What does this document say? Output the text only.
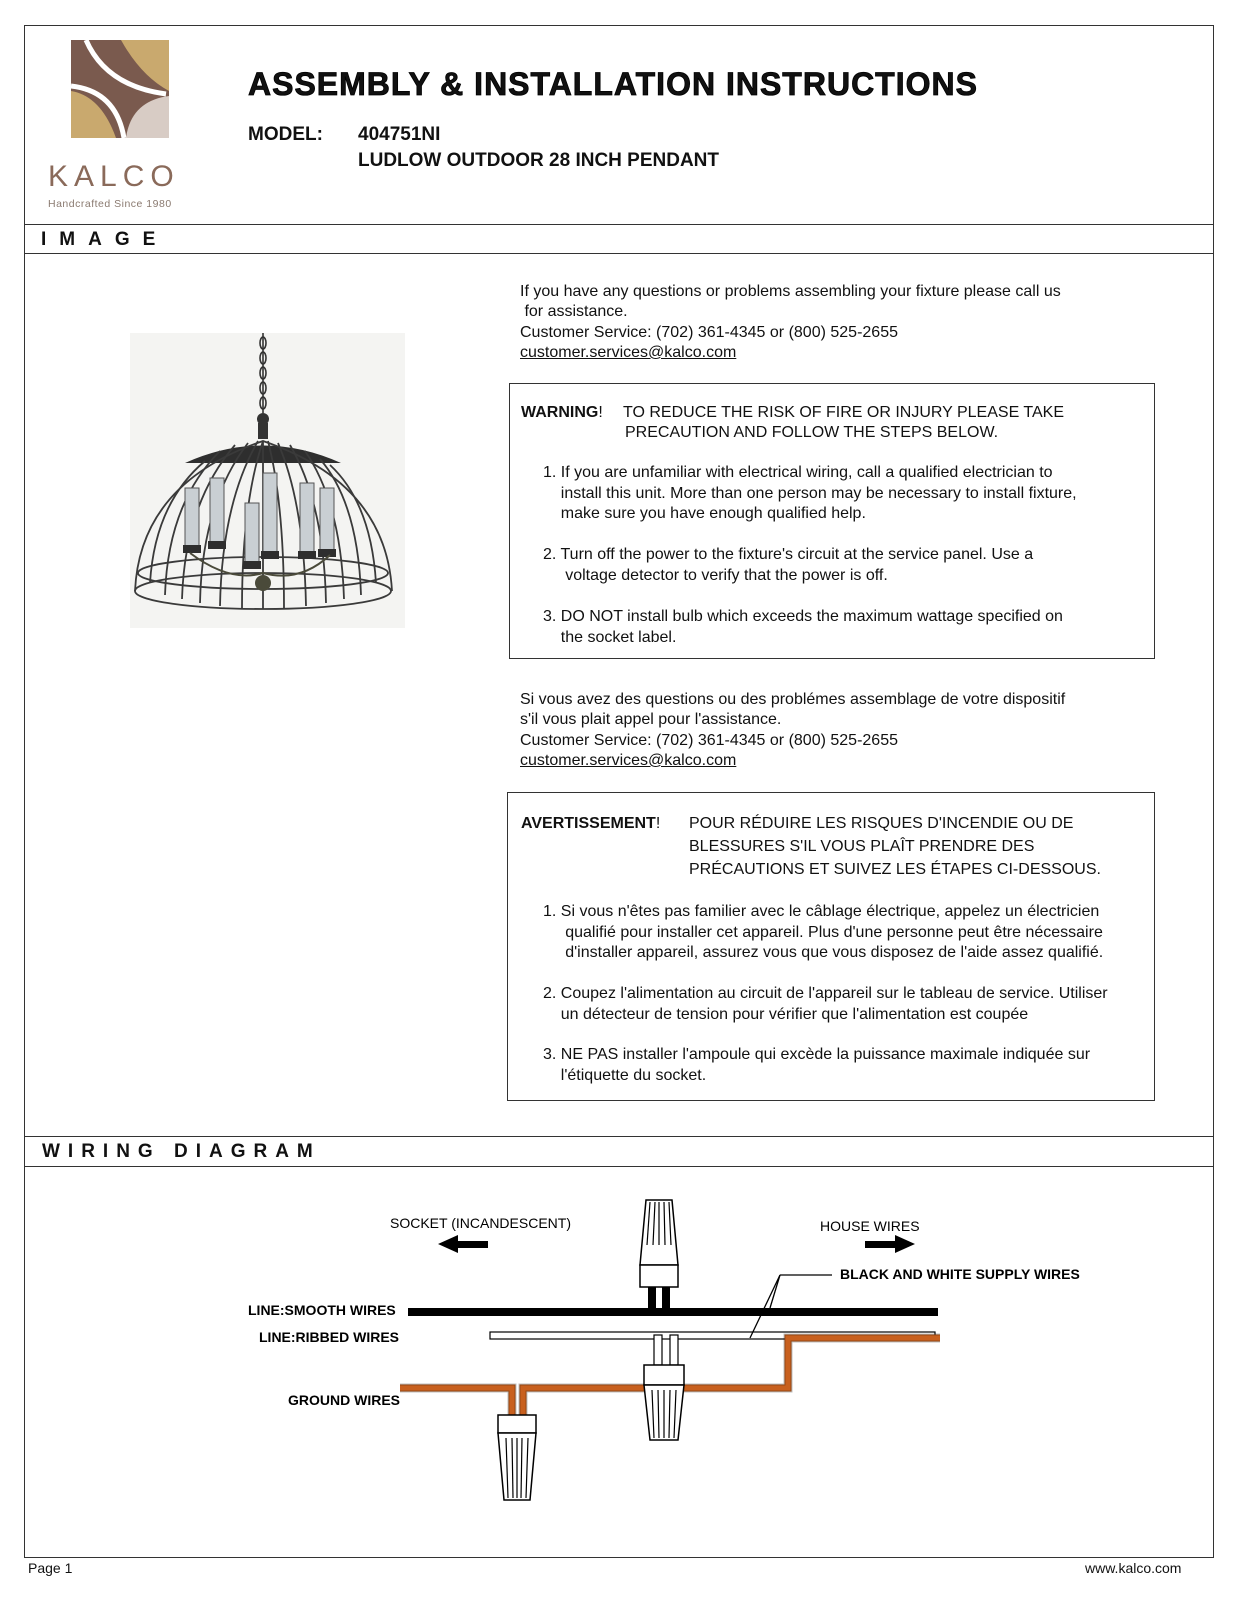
KALCO
Handcrafted Since 1980
ASSEMBLY & INSTALLATION INSTRUCTIONS
MODEL: 404751NI
LUDLOW OUTDOOR 28 INCH PENDANT
IMAGE
WIRING DIAGRAM
If you have any questions or problems assembling your fixture please call us
for assistance.
Customer Service: (702) 361-4345 or (800) 525-2655
customer.services@kalco.com
WARNING! TO REDUCE THE RISK OF FIRE OR INJURY PLEASE TAKE
PRECAUTION AND FOLLOW THE STEPS BELOW.
1. If you are unfamiliar with electrical wiring, call a qualified electrician to
install this unit. More than one person may be necessary to install fixture,
make sure you have enough qualified help.
2. Turn off the power to the fixture's circuit at the service panel. Use a
voltage detector to verify that the power is off.
3. DO NOT install bulb which exceeds the maximum wattage specified on
the socket label.
Si vous avez des questions ou des problémes assemblage de votre dispositif
s'il vous plait appel pour l'assistance.
Customer Service: (702) 361-4345 or (800) 525-2655
customer.services@kalco.com
AVERTISSEMENT! POUR RÉDUIRE LES RISQUES D'INCENDIE OU DE
BLESSURES S'IL VOUS PLAÎT PRENDRE DES
PRÉCAUTIONS ET SUIVEZ LES ÉTAPES CI-DESSOUS.
1. Si vous n'êtes pas familier avec le câblage électrique, appelez un électricien
qualifié pour installer cet appareil. Plus d'une personne peut être nécessaire
d'installer appareil, assurez vous que vous disposez de l'aide assez qualifié.
2. Coupez l'alimentation au circuit de l'appareil sur le tableau de service. Utiliser
un détecteur de tension pour vérifier que l'alimentation est coupée
3. NE PAS installer l'ampoule qui excède la puissance maximale indiquée sur
l'étiquette du socket.
SOCKET (INCANDESCENT)	HOUSE WIRES
BLACK AND WHITE SUPPLY WIRES
LINE:SMOOTH WIRES
LINE:RIBBED WIRES
GROUND WIRES
Page 1	www.kalco.com
